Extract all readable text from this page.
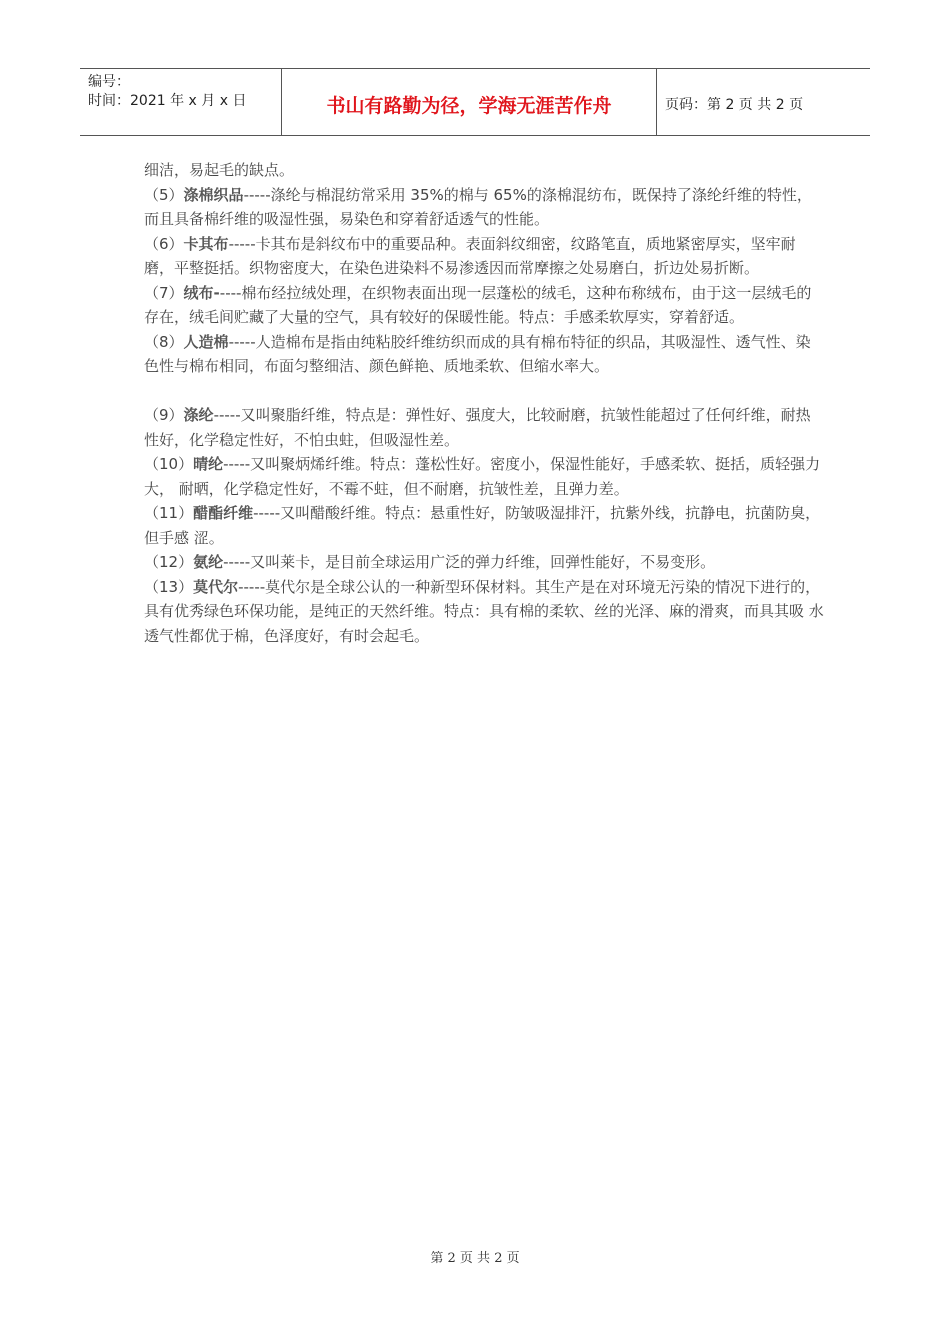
编号：
时间：2021 年 x 月 x 日	书山有路勤为径，学海无涯苦作舟	页码：第 2 页 共 2 页

细洁，易起毛的缺点。

（5）涤棉织品-----涤纶与棉混纺常采用 35%的棉与 65%的涤棉混纺布，既保持了涤纶纤维的特性，而且具备棉纤维的吸湿性强，易染色和穿着舒适透气的性能。

（6）卡其布-----卡其布是斜纹布中的重要品种。表面斜纹细密，纹路笔直，质地紧密厚实，坚牢耐磨，平整挺括。织物密度大，在染色进染料不易渗透因而常摩擦之处易磨白，折边处易折断。

（7）绒布-----棉布经拉绒处理，在织物表面出现一层蓬松的绒毛，这种布称绒布，由于这一层绒毛的存在，绒毛间贮藏了大量的空气，具有较好的保暖性能。特点：手感柔软厚实，穿着舒适。

（8）人造棉-----人造棉布是指由纯粘胶纤维纺织而成的具有棉布特征的织品，其吸湿性、透气性、染色性与棉布相同，布面匀整细洁、颜色鲜艳、质地柔软、但缩水率大。

（9）涤纶-----又叫聚脂纤维，特点是：弹性好、强度大，比较耐磨，抗皱性能超过了任何纤维，耐热性好，化学稳定性好，不怕虫蛀，但吸湿性差。

（10）晴纶-----又叫聚炳烯纤维。特点：蓬松性好。密度小，保湿性能好，手感柔软、挺括，质轻强力大， 耐晒，化学稳定性好，不霉不蛀，但不耐磨，抗皱性差，且弹力差。

（11）醋酯纤维-----又叫醋酸纤维。特点：悬重性好，防皱吸湿排汗，抗紫外线，抗静电，抗菌防臭，但手感 涩。

（12）氨纶-----又叫莱卡，是目前全球运用广泛的弹力纤维，回弹性能好，不易变形。

（13）莫代尔-----莫代尔是全球公认的一种新型环保材料。其生产是在对环境无污染的情况下进行的，具有优秀绿色环保功能，是纯正的天然纤维。特点：具有棉的柔软、丝的光泽、麻的滑爽，而具其吸 水透气性都优于棉，色泽度好，有时会起毛。

第 2 页 共 2 页
